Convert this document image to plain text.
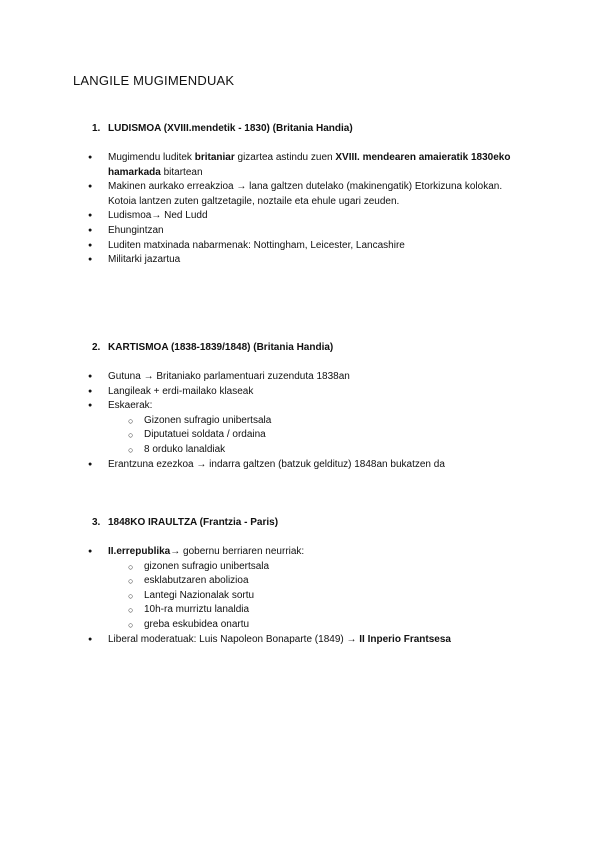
LANGILE MUGIMENDUAK
1. LUDISMOA (XVIII.mendetik - 1830) (Britania Handia)
● Mugimendu luditek britaniar gizartea astindu zuen XVIII. mendearen amaieratik 1830eko hamarkada bitartean
● Makinen aurkako erreakzioa → lana galtzen dutelako (makinengatik) Etorkizuna kolokan. Kotoia lantzen zuten galtzetagile, noztaile eta ehule ugari zeuden.
● Ludismoa→ Ned Ludd
● Ehungintzan
● Luditen matxinada nabarmenak: Nottingham, Leicester, Lancashire
● Militarki jazartua
2. KARTISMOA (1838-1839/1848) (Britania Handia)
● Gutuna → Britaniako parlamentuari zuzenduta 1838an
● Langileak + erdi-mailako klaseak
● Eskaerak:
○ Gizonen sufragio unibertsala
○ Diputatuei soldata / ordaina
○ 8 orduko lanaldiak
● Erantzuna ezezkoa → indarra galtzen (batzuk geldituz) 1848an bukatzen da
3. 1848KO IRAULTZA (Frantzia - Paris)
● II.errepublika→ gobernu berriaren neurriak:
○ gizonen sufragio unibertsala
○ esklabutzaren abolizioa
○ Lantegi Nazionalak sortu
○ 10h-ra murriztu lanaldia
○ greba eskubidea onartu
● Liberal moderatuak: Luis Napoleon Bonaparte (1849) → II Inperio Frantsesa
